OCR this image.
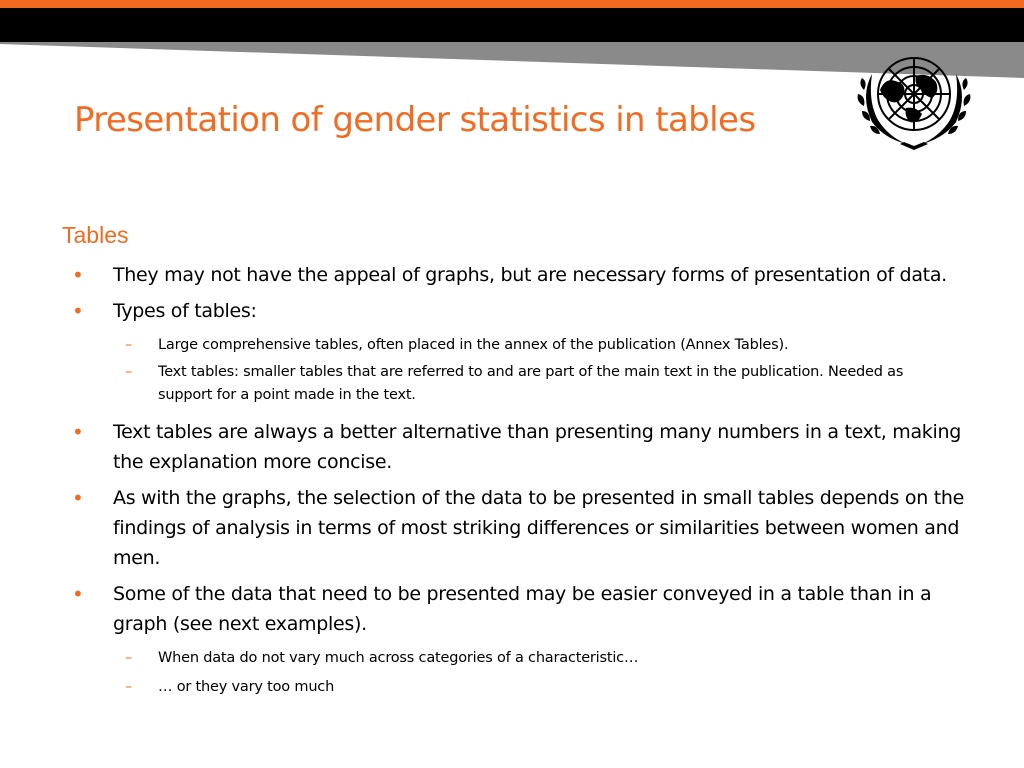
Presentation of gender statistics in tables
Tables
• They may not have the appeal of graphs, but are necessary forms of presentation of data.
• Types of tables:
– Large comprehensive tables, often placed in the annex of the publication (Annex Tables).
– Text tables: smaller tables that are referred to and are part of the main text in the publication. Needed as support for a point made in the text.
• Text tables are always a better alternative than presenting many numbers in a text, making the explanation more concise.
• As with the graphs, the selection of the data to be presented in small tables depends on the findings of analysis in terms of most striking differences or similarities between women and men.
• Some of the data that need to be presented may be easier conveyed in a table than in a graph (see next examples).
– When data do not vary much across categories of a characteristic…
– … or they vary too much
